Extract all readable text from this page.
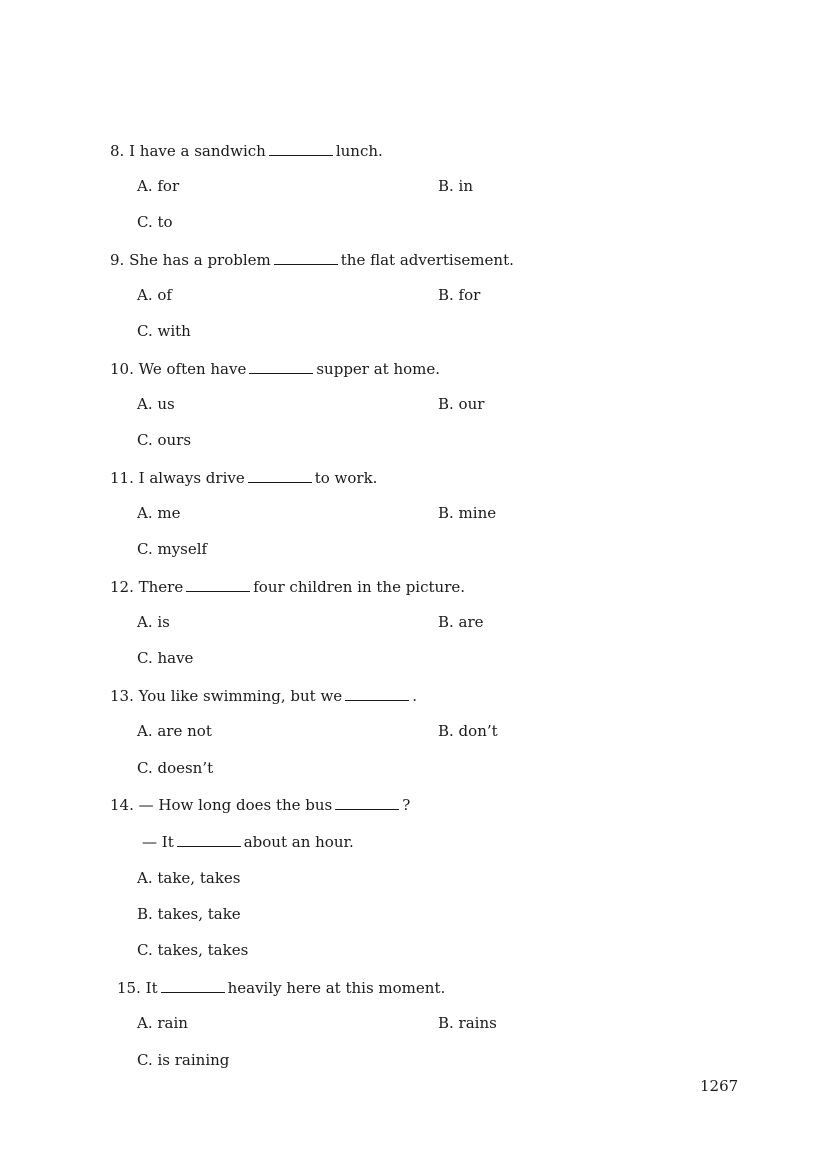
8. I have a sandwich	lunch.
A. for	B. in
C. to
9. She has a problem	the flat advertisement.
A. of	B. for
C. with
10. We often have	supper at home.
A. us	B. our
C. ours
11. I always drive	to work.
A. me	B. mine
C. myself
12. There	four children in the picture.
A. is	B. are
C. have
13. You like swimming, but we	.
A. are not	B. don’t
C. doesn’t
14. — How long does the bus	?
— It	about an hour.
A. take, takes
B. takes, take
C. takes, takes
15. It	heavily here at this moment.
A. rain	B. rains
C. is raining
1267
